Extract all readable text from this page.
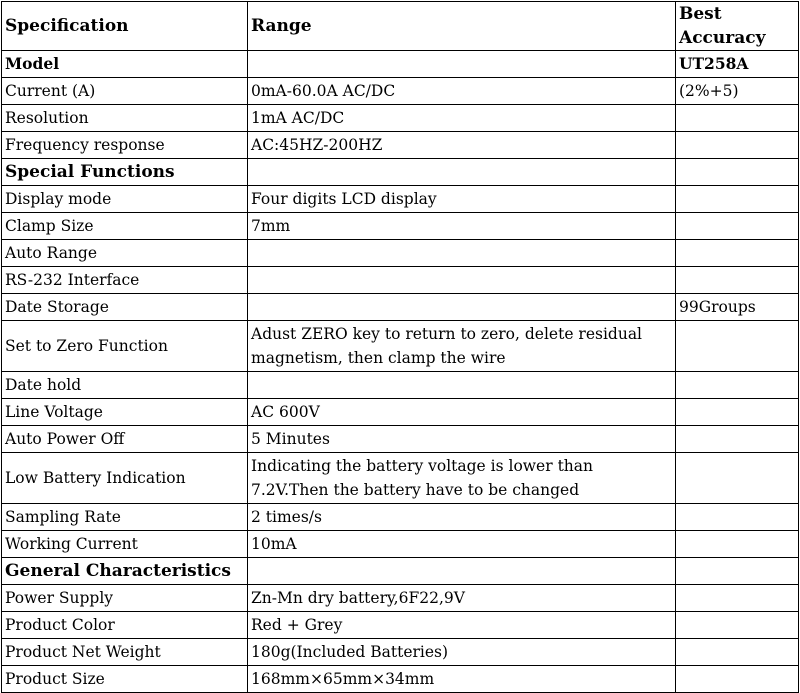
Specification	Range	Best
Accuracy
Model		UT258A
Current (A)	0mA-60.0A AC/DC	(2%+5)
Resolution	1mA AC/DC	
Frequency response	AC:45HZ-200HZ	
Special Functions		
Display mode	Four digits LCD display	
Clamp Size	7mm	
Auto Range		
RS-232 Interface		
Date Storage		99Groups
Set to Zero Function	Adust ZERO key to return to zero, delete residual magnetism, then clamp the wire	
Date hold		
Line Voltage	AC 600V	
Auto Power Off	5 Minutes	
Low Battery Indication	Indicating the battery voltage is lower than 7.2V.Then the battery have to be changed	
Sampling Rate	2 times/s	
Working Current	10mA	
General Characteristics		
Power Supply	Zn-Mn dry battery,6F22,9V	
Product Color	Red + Grey	
Product Net Weight	180g(Included Batteries)	
Product Size	168mm×65mm×34mm	
